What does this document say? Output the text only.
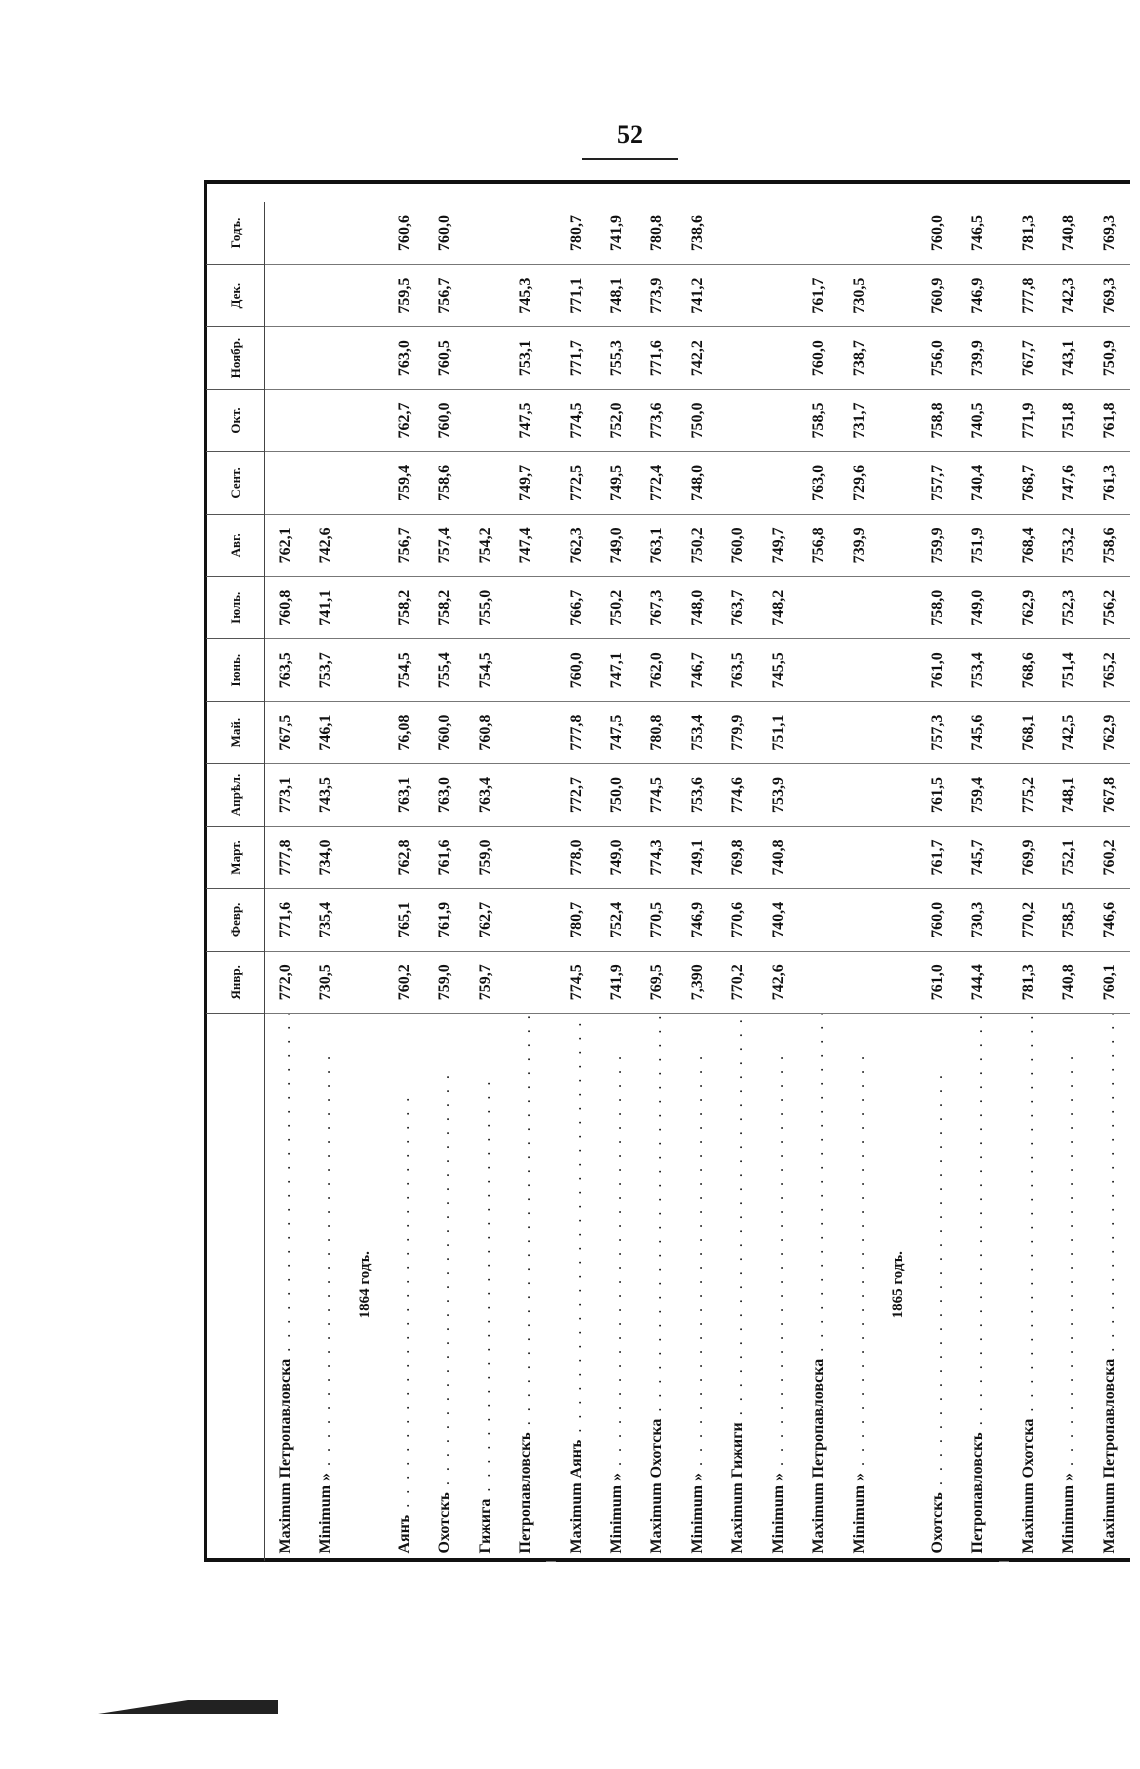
52
	Янвр.	Февр.	Март.	Апрѣл.	Май.	Іюнь.	Іюль.	Авг.	Сент.	Окт.	Ноябр.	Дек.	Годъ.
Maximum Петропавловска . . .	772,0	771,6	777,8	773,1	767,5	763,5	760,8	762,1					
Minimum » . . .	730,5	735,4	734,0	743,5	746,1	753,7	741,1	742,6					
1864 годъ.													
Аянъ . . .	760,2	765,1	762,8	763,1	76,08	754,5	758,2	756,7	759,4	762,7	763,0	759,5	760,6
Охотскъ . . .	759,0	761,9	761,6	763,0	760,0	755,4	758,2	757,4	758,6	760,0	760,5	756,7	760,0
Гижига . . .	759,7	762,7	759,0	763,4	760,8	754,5	755,0	754,2					
Петропавловскъ . . .								747,4	749,7	747,5	753,1	745,3	

Maximum Аянъ . . .	774,5	780,7	778,0	772,7	777,8	760,0	766,7	762,3	772,5	774,5	771,7	771,1	780,7
Minimum » . . .	741,9	752,4	749,0	750,0	747,5	747,1	750,2	749,0	749,5	752,0	755,3	748,1	741,9
Maximum Охотска . . .	769,5	770,5	774,3	774,5	780,8	762,0	767,3	763,1	772,4	773,6	771,6	773,9	780,8
Minimum » . . .	7,390	746,9	749,1	753,6	753,4	746,7	748,0	750,2	748,0	750,0	742,2	741,2	738,6
Maximum Гижиги . . .	770,2	770,6	769,8	774,6	779,9	763,5	763,7	760,0					
Minimum » . . .	742,6	740,4	740,8	753,9	751,1	745,5	748,2	749,7					
Maximum Петропавловска . . .								756,8	763,0	758,5	760,0	761,7	
Minimum » . . .								739,9	729,6	731,7	738,7	730,5	
1865 годъ.													
Охотскъ . . .	761,0	760,0	761,7	761,5	757,3	761,0	758,0	759,9	757,7	758,8	756,0	760,9	760,0
Петропавловскъ . . .	744,4	730,3	745,7	759,4	745,6	753,4	749,0	751,9	740,4	740,5	739,9	746,9	746,5

Maximum Охотска . . .	781,3	770,2	769,9	775,2	768,1	768,6	762,9	768,4	768,7	771,9	767,7	777,8	781,3
Minimum » . . .	740,8	758,5	752,1	748,1	742,5	751,4	752,3	753,2	747,6	751,8	743,1	742,3	740,8
Maximum Петропавловска . . .	760,1	746,6	760,2	767,8	762,9	765,2	756,2	758,6	761,3	761,8	750,9	769,3	769,3
